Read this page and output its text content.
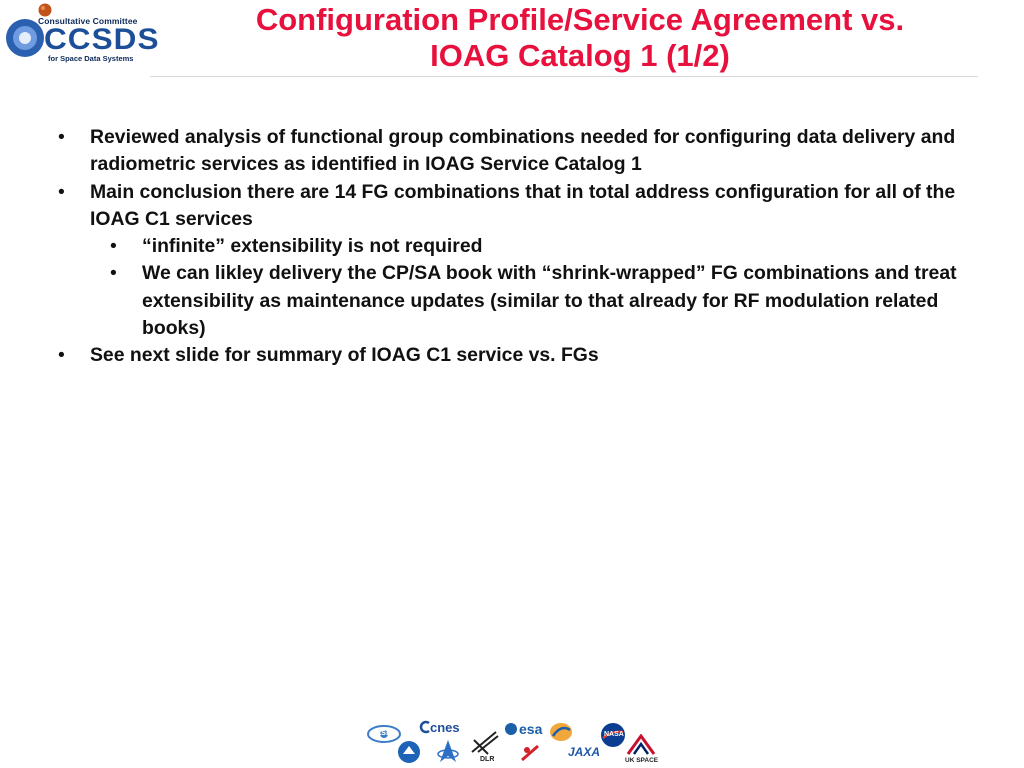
Consultative Committee
CCSDS
for Space Data Systems
Configuration Profile/Service Agreement vs.
IOAG Catalog 1 (1/2)
• Reviewed analysis of functional group combinations needed for configuring data delivery and radiometric services as identified in IOAG Service Catalog 1
• Main conclusion there are 14 FG combinations that in total address configuration for all of the IOAG C1 services
• “infinite” extensibility is not required
• We can likley delivery the CP/SA book with “shrink-wrapped” FG combinations and treat extensibility as maintenance updates (similar to that already for RF modulation related books)
• See next slide for summary of IOAG C1 service vs. FGs
asi	cnes	esa	NASA
DLR
JAXA
UK SPACE
